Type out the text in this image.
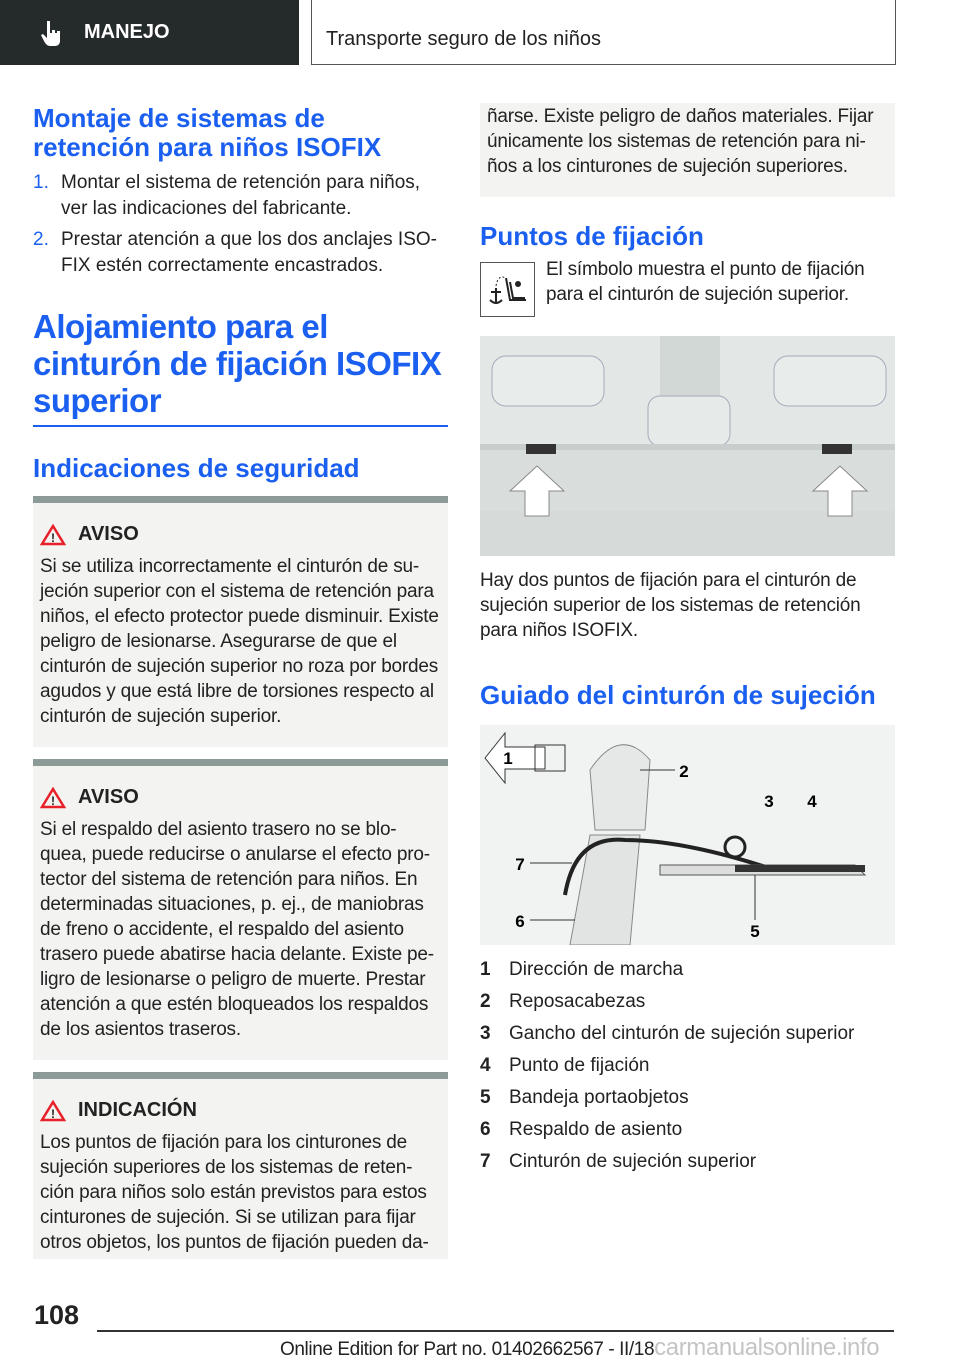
MANEJO	Transporte seguro de los niños
Montaje de sistemas de retención para niños ISOFIX
1. Montar el sistema de retención para niños, ver las indicaciones del fabricante.
2. Prestar atención a que los dos anclajes ISO-FIX estén correctamente encastrados.
Alojamiento para el cinturón de fijación ISOFIX superior
Indicaciones de seguridad
! AVISO
Si se utiliza incorrectamente el cinturón de su-jeción superior con el sistema de retención para niños, el efecto protector puede disminuir. Existe peligro de lesionarse. Asegurarse de que el cinturón de sujeción superior no roza por bordes agudos y que está libre de torsiones respecto al cinturón de sujeción superior.
! AVISO
Si el respaldo del asiento trasero no se blo-quea, puede reducirse o anularse el efecto pro-tector del sistema de retención para niños. En determinadas situaciones, p. ej., de maniobras de freno o accidente, el respaldo del asiento trasero puede abatirse hacia delante. Existe pe-ligro de lesionarse o peligro de muerte. Prestar atención a que estén bloqueados los respaldos de los asientos traseros.
! INDICACIÓN
Los puntos de fijación para los cinturones de sujeción superiores de los sistemas de reten-ción para niños solo están previstos para estos cinturones de sujeción. Si se utilizan para fijar otros objetos, los puntos de fijación pueden da-
ñarse. Existe peligro de daños materiales. Fijar únicamente los sistemas de retención para ni-ños a los cinturones de sujeción superiores.
Puntos de fijación
El símbolo muestra el punto de fijación para el cinturón de sujeción superior.
Hay dos puntos de fijación para el cinturón de sujeción superior de los sistemas de retención para niños ISOFIX.
Guiado del cinturón de sujeción
1
2
3 4
5
6
7
1 Dirección de marcha
2 Reposacabezas
3 Gancho del cinturón de sujeción superior
4 Punto de fijación
5 Bandeja portaobjetos
6 Respaldo de asiento
7 Cinturón de sujeción superior
108
Online Edition for Part no. 01402662567 - II/18carmanualsonline.info
